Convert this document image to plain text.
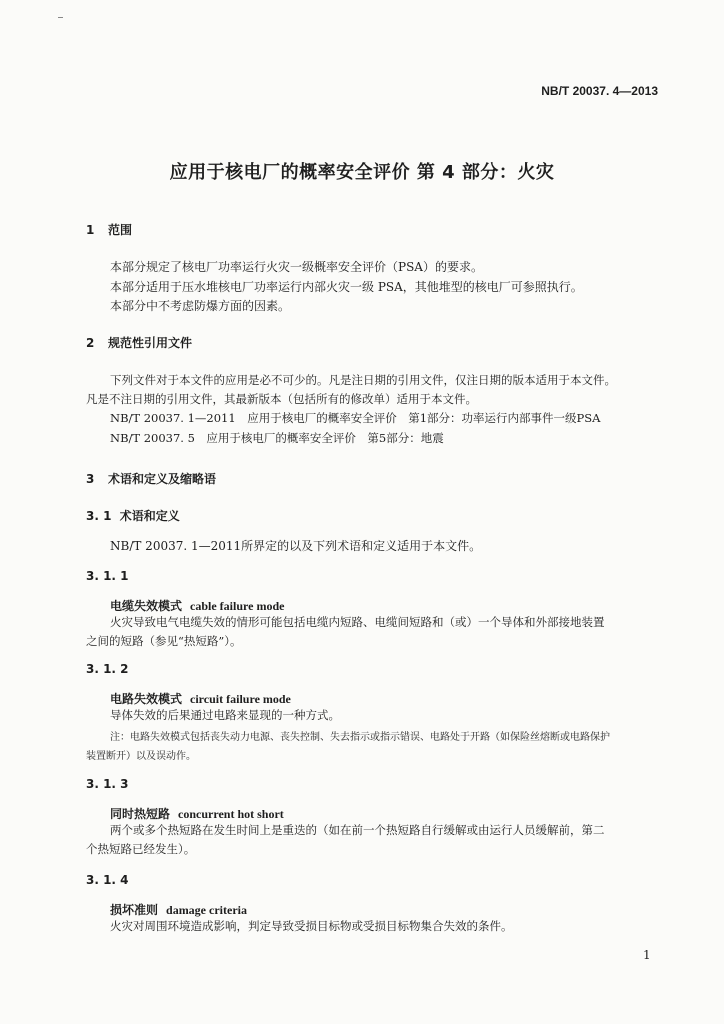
NB/T 20037. 4—2013
应用于核电厂的概率安全评价 第 4 部分：火灾
1 范围
本部分规定了核电厂功率运行火灾一级概率安全评价（PSA）的要求。
本部分适用于压水堆核电厂功率运行内部火灾一级 PSA，其他堆型的核电厂可参照执行。
本部分中不考虑防爆方面的因素。
2 规范性引用文件
下列文件对于本文件的应用是必不可少的。凡是注日期的引用文件，仅注日期的版本适用于本文件。
凡是不注日期的引用文件，其最新版本（包括所有的修改单）适用于本文件。
NB/T 20037. 1—2011　应用于核电厂的概率安全评价　第1部分：功率运行内部事件一级PSA
NB/T 20037. 5　应用于核电厂的概率安全评价　第5部分：地震
3 术语和定义及缩略语
3. 1 术语和定义
NB/T 20037. 1—2011所界定的以及下列术语和定义适用于本文件。
3. 1. 1
电缆失效模式 cable failure mode
火灾导致电气电缆失效的情形可能包括电缆内短路、电缆间短路和（或）一个导体和外部接地装置
之间的短路（参见“热短路”）。
3. 1. 2
电路失效模式 circuit failure mode
导体失效的后果通过电路来显现的一种方式。
注：电路失效模式包括丧失动力电源、丧失控制、失去指示或指示错误、电路处于开路（如保险丝熔断或电路保护
装置断开）以及误动作。
3. 1. 3
同时热短路 concurrent hot short
两个或多个热短路在发生时间上是重迭的（如在前一个热短路自行缓解或由运行人员缓解前，第二
个热短路已经发生）。
3. 1. 4
损坏准则 damage criteria
火灾对周围环境造成影响，判定导致受损目标物或受损目标物集合失效的条件。
1
